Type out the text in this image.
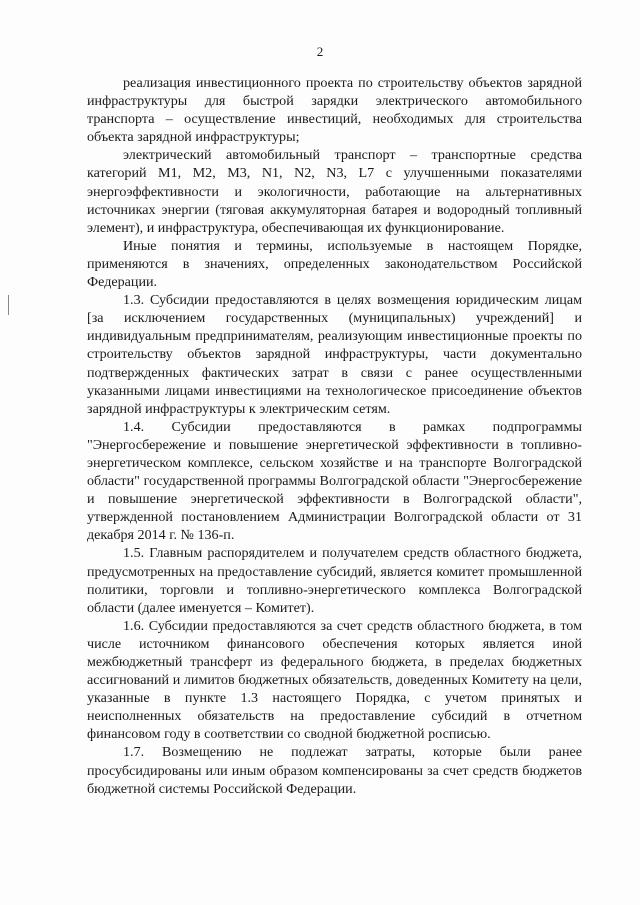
2

реализация инвестиционного проекта по строительству объектов зарядной инфраструктуры для быстрой зарядки электрического автомобильного транспорта – осуществление инвестиций, необходимых для строительства объекта зарядной инфраструктуры;

электрический автомобильный транспорт – транспортные средства категорий M1, M2, M3, N1, N2, N3, L7 с улучшенными показателями энергоэффективности и экологичности, работающие на альтернативных источниках энергии (тяговая аккумуляторная батарея и водородный топливный элемент), и инфраструктура, обеспечивающая их функционирование.

Иные понятия и термины, используемые в настоящем Порядке, применяются в значениях, определенных законодательством Российской Федерации.

1.3. Субсидии предоставляются в целях возмещения юридическим лицам [за исключением государственных (муниципальных) учреждений] и индивидуальным предпринимателям, реализующим инвестиционные проекты по строительству объектов зарядной инфраструктуры, части документально подтвержденных фактических затрат в связи с ранее осуществленными указанными лицами инвестициями на технологическое присоединение объектов зарядной инфраструктуры к электрическим сетям.

1.4. Субсидии предоставляются в рамках подпрограммы "Энергосбережение и повышение энергетической эффективности в топливно-энергетическом комплексе, сельском хозяйстве и на транспорте Волгоградской области" государственной программы Волгоградской области "Энергосбережение и повышение энергетической эффективности в Волгоградской области", утвержденной постановлением Администрации Волгоградской области от 31 декабря 2014 г. № 136-п.

1.5. Главным распорядителем и получателем средств областного бюджета, предусмотренных на предоставление субсидий, является комитет промышленной политики, торговли и топливно-энергетического комплекса Волгоградской области (далее именуется – Комитет).

1.6. Субсидии предоставляются за счет средств областного бюджета, в том числе источником финансового обеспечения которых является иной межбюджетный трансферт из федерального бюджета, в пределах бюджетных ассигнований и лимитов бюджетных обязательств, доведенных Комитету на цели, указанные в пункте 1.3 настоящего Порядка, с учетом принятых и неисполненных обязательств на предоставление субсидий в отчетном финансовом году в соответствии со сводной бюджетной росписью.

1.7. Возмещению не подлежат затраты, которые были ранее просубсидированы или иным образом компенсированы за счет средств бюджетов бюджетной системы Российской Федерации.
